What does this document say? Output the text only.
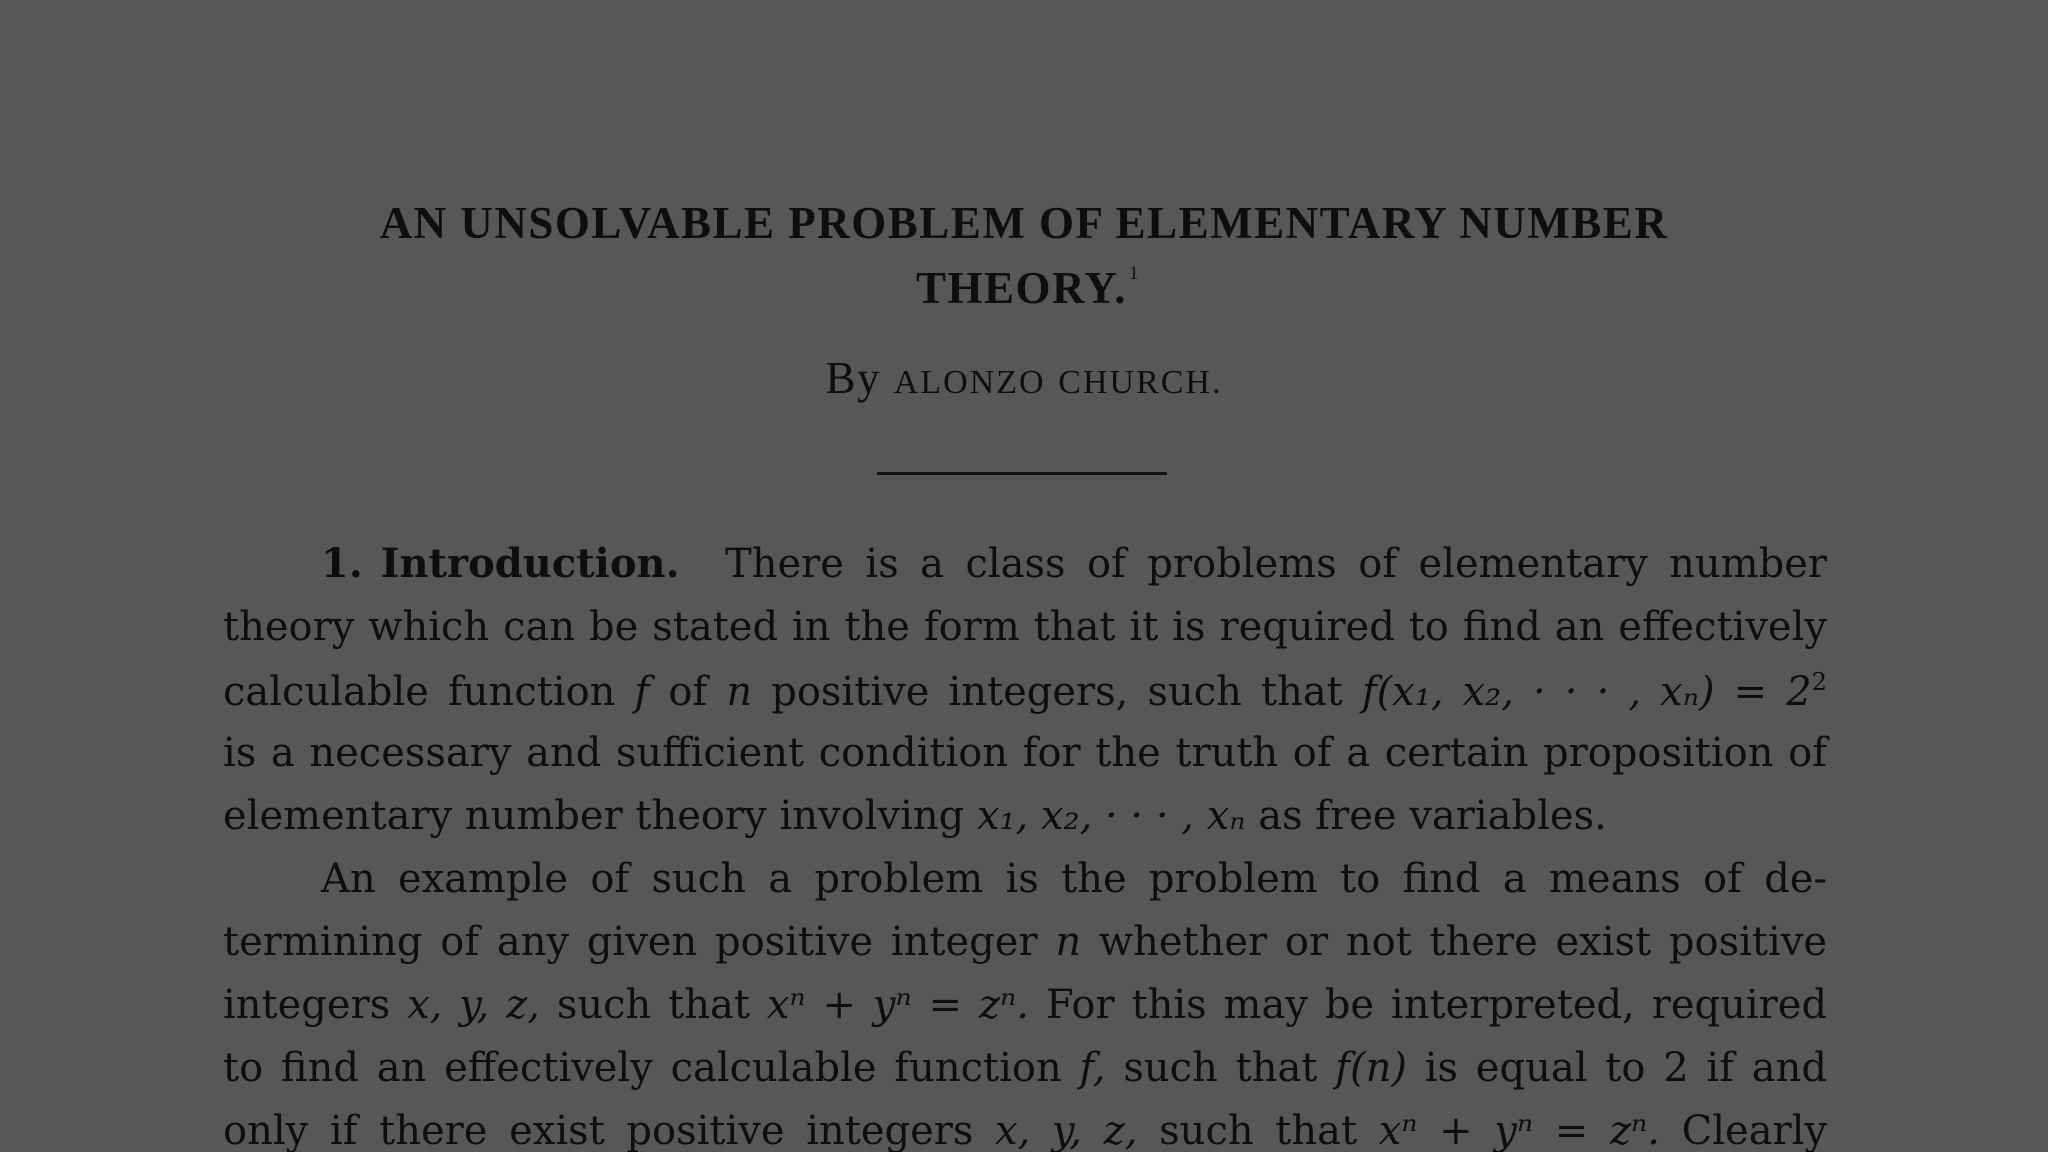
AN UNSOLVABLE PROBLEM OF ELEMENTARY NUMBER
THEORY. $^1$
By ALONZO CHURCH.
1. Introduction. There is a class of problems of elementary number
theory which can be stated in the form that it is required to find an effectively
calculable function f of n positive integers, such that f(x₁, x₂, · · · , $x_n) = 2^2$
is a necessary and sufficient condition for the truth of a certain proposition of
elementary number theory involving x₁, x₂, · · · , xₙ as free variables.
An example of such a problem is the problem to find a means of de-
termining of any given positive integer n whether or not there exist positive
integers x, y, z, such that xⁿ + yⁿ = zⁿ. For this may be interpreted, required
to find an effectively calculable function f, such that f(n) is equal to 2 if and
only if there exist positive integers x, y, z, such that xⁿ + yⁿ = zⁿ. Clearly
